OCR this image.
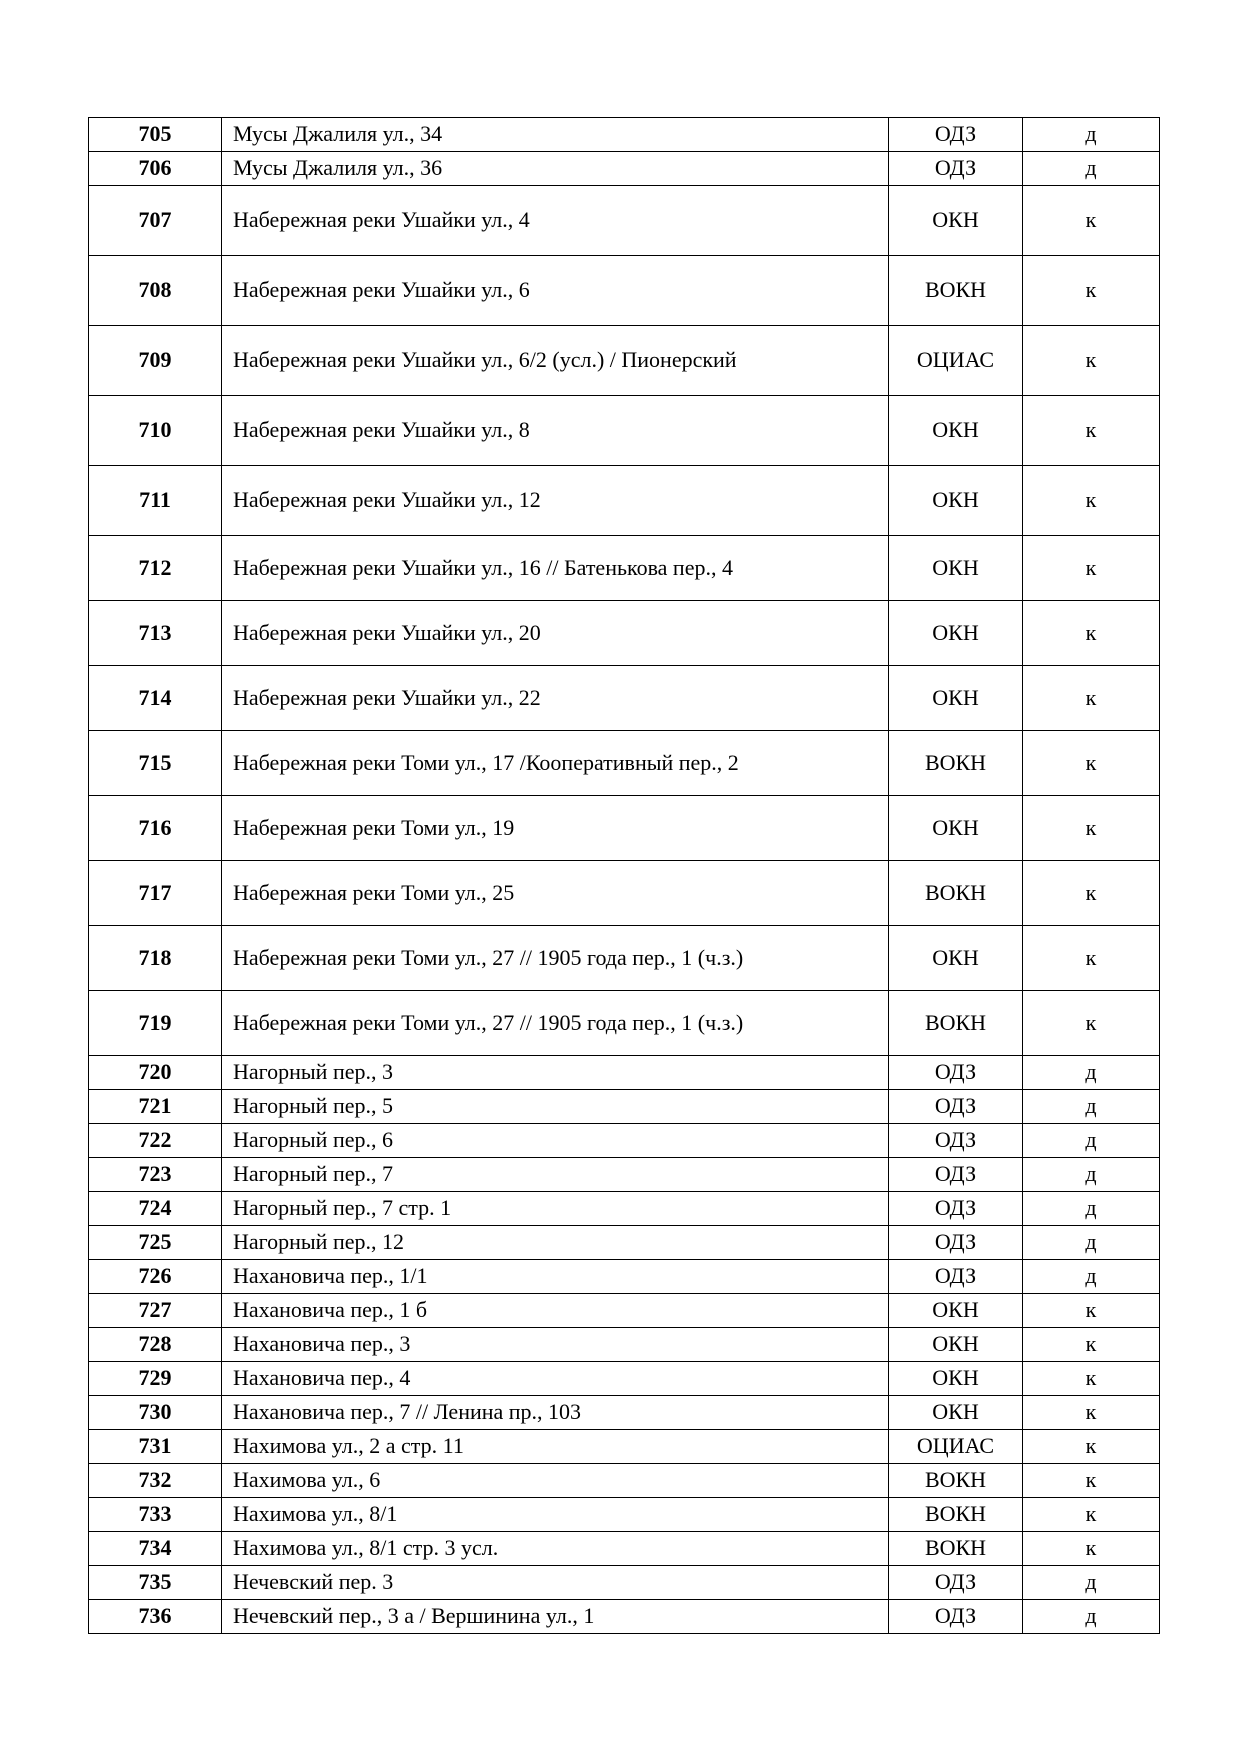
705	Мусы Джалиля ул., 34	ОДЗ	д
706	Мусы Джалиля ул., 36	ОДЗ	д
707	Набережная реки Ушайки ул., 4	ОКН	к
708	Набережная реки Ушайки ул., 6	ВОКН	к
709	Набережная реки Ушайки ул., 6/2 (усл.) / Пионерский	ОЦИАС	к
710	Набережная реки Ушайки ул., 8	ОКН	к
711	Набережная реки Ушайки ул., 12	ОКН	к
712	Набережная реки Ушайки ул., 16 // Батенькова пер., 4	ОКН	к
713	Набережная реки Ушайки ул., 20	ОКН	к
714	Набережная реки Ушайки ул., 22	ОКН	к
715	Набережная реки Томи ул., 17 /Кооперативный пер., 2	ВОКН	к
716	Набережная реки Томи ул., 19	ОКН	к
717	Набережная реки Томи ул., 25	ВОКН	к
718	Набережная реки Томи ул., 27 // 1905 года пер., 1 (ч.з.)	ОКН	к
719	Набережная реки Томи ул., 27 // 1905 года пер., 1 (ч.з.)	ВОКН	к
720	Нагорный пер., 3	ОДЗ	д
721	Нагорный пер., 5	ОДЗ	д
722	Нагорный пер., 6	ОДЗ	д
723	Нагорный пер., 7	ОДЗ	д
724	Нагорный пер., 7 стр. 1	ОДЗ	д
725	Нагорный пер., 12	ОДЗ	д
726	Нахановича пер., 1/1	ОДЗ	д
727	Нахановича пер., 1 б	ОКН	к
728	Нахановича пер., 3	ОКН	к
729	Нахановича пер., 4	ОКН	к
730	Нахановича пер., 7 // Ленина пр., 103	ОКН	к
731	Нахимова ул., 2 а стр. 11	ОЦИАС	к
732	Нахимова ул., 6	ВОКН	к
733	Нахимова ул., 8/1	ВОКН	к
734	Нахимова ул., 8/1 стр. 3 усл.	ВОКН	к
735	Нечевский пер. 3	ОДЗ	д
736	Нечевский пер., 3 а / Вершинина ул., 1	ОДЗ	д
